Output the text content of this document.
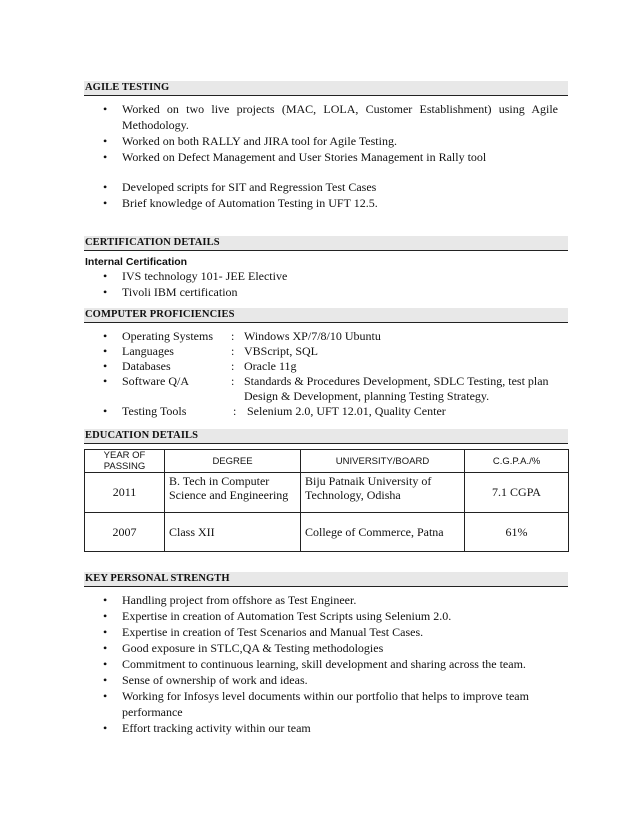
AGILE TESTING
• Worked on two live projects (MAC, LOLA, Customer Establishment) using Agile Methodology.
• Worked on both RALLY and JIRA tool for Agile Testing.
• Worked on Defect Management and User Stories Management in Rally tool
• Developed scripts for SIT and Regression Test Cases
• Brief knowledge of Automation Testing in UFT 12.5.
CERTIFICATION DETAILS
Internal Certification
• IVS technology 101- JEE Elective
• Tivoli IBM certification
COMPUTER PROFICIENCIES
• Operating Systems : Windows XP/7/8/10 Ubuntu
• Languages	: VBScript, SQL
• Databases	: Oracle 11g
• Software Q/A	: Standards & Procedures Development, SDLC Testing, test plan Design & Development, planning Testing Strategy.
• Testing Tools	: Selenium 2.0, UFT 12.01, Quality Center
EDUCATION DETAILS
YEAR OF PASSING	DEGREE	UNIVERSITY/BOARD	C.G.P.A./%
2011	B. Tech in Computer Science and Engineering	Biju Patnaik University of Technology, Odisha	7.1 CGPA
2007	Class XII	College of Commerce, Patna	61%
KEY PERSONAL STRENGTH
• Handling project from offshore as Test Engineer.
• Expertise in creation of Automation Test Scripts using Selenium 2.0.
• Expertise in creation of Test Scenarios and Manual Test Cases.
• Good exposure in STLC,QA & Testing methodologies
• Commitment to continuous learning, skill development and sharing across the team.
• Sense of ownership of work and ideas.
• Working for Infosys level documents within our portfolio that helps to improve team performance
• Effort tracking activity within our team
